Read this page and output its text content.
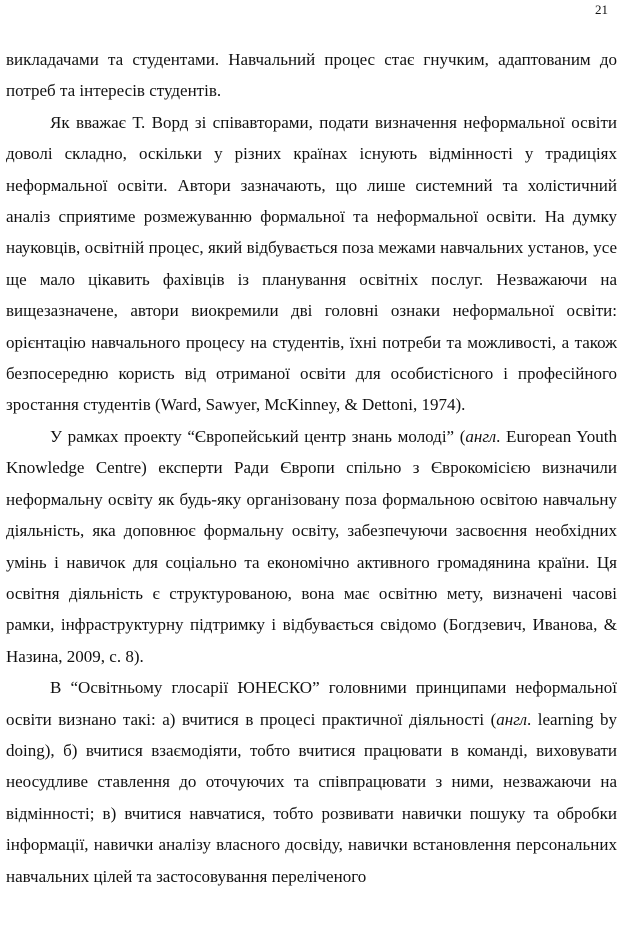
21

викладачами та студентами. Навчальний процес стає гнучким, адаптованим до потреб та інтересів студентів.

Як вважає Т. Ворд зі співавторами, подати визначення неформальної освіти доволі складно, оскільки у різних країнах існують відмінності у традиціях неформальної освіти. Автори зазначають, що лише системний та холістичний аналіз сприятиме розмежуванню формальної та неформальної освіти. На думку науковців, освітній процес, який відбувається поза межами навчальних установ, усе ще мало цікавить фахівців із планування освітніх послуг. Незважаючи на вищезазначене, автори виокремили дві головні ознаки неформальної освіти: орієнтацію навчального процесу на студентів, їхні потреби та можливості, а також безпосередню користь від отриманої освіти для особистісного і професійного зростання студентів (Ward, Sawyer, McKinney, & Dettoni, 1974).

У рамках проекту “Європейський центр знань молоді” (англ. European Youth Knowledge Centre) експерти Ради Європи спільно з Єврокомісією визначили неформальну освіту як будь-яку організовану поза формальною освітою навчальну діяльність, яка доповнює формальну освіту, забезпечуючи засвоєння необхідних умінь і навичок для соціально та економічно активного громадянина країни. Ця освітня діяльність є структурованою, вона має освітню мету, визначені часові рамки, інфраструктурну підтримку і відбувається свідомо (Богдзевич, Иванова, & Назина, 2009, с. 8).

В “Освітньому глосарії ЮНЕСКО” головними принципами неформальної освіти визнано такі: а) вчитися в процесі практичної діяльності (англ. learning by doing), б) вчитися взаємодіяти, тобто вчитися працювати в команді, виховувати неосудливе ставлення до оточуючих та співпрацювати з ними, незважаючи на відмінності; в) вчитися навчатися, тобто розвивати навички пошуку та обробки інформації, навички аналізу власного досвіду, навички встановлення персональних навчальних цілей та застосовування переліченого
